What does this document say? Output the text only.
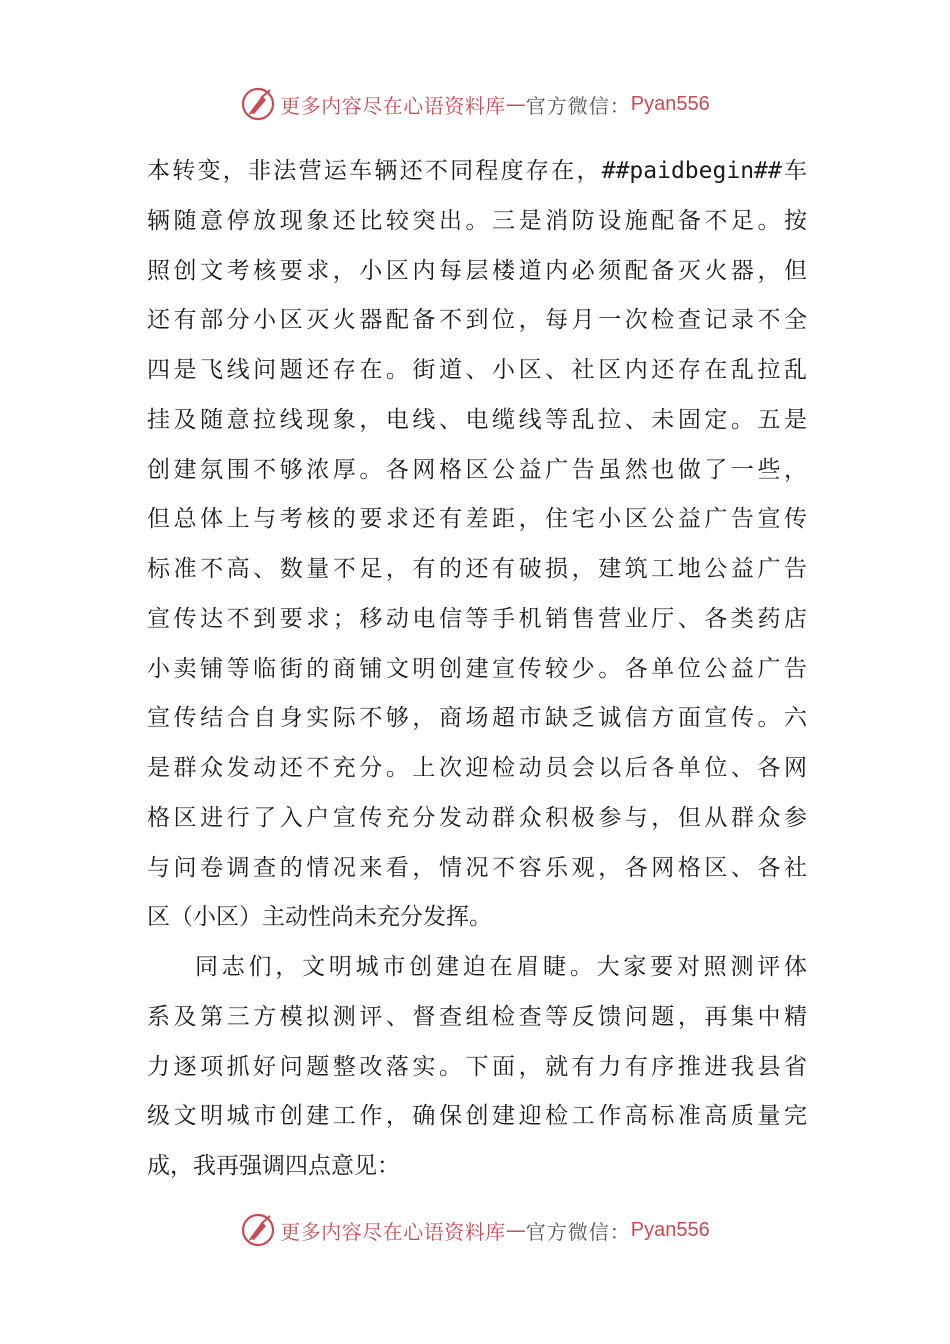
更多内容尽在心语资料库 — 官方微信： Pyan556
本转变，非法营运车辆还不同程度存在，##paidbegin##车
辆随意停放现象还比较突出。三是消防设施配备不足。按
照创文考核要求，小区内每层楼道内必须配备灭火器，但
还有部分小区灭火器配备不到位，每月一次检查记录不全
四是飞线问题还存在。街道、小区、社区内还存在乱拉乱
挂及随意拉线现象，电线、电缆线等乱拉、未固定。五是
创建氛围不够浓厚。各网格区公益广告虽然也做了一些，
但总体上与考核的要求还有差距，住宅小区公益广告宣传
标准不高、数量不足，有的还有破损，建筑工地公益广告
宣传达不到要求；移动电信等手机销售营业厅、各类药店
小卖铺等临街的商铺文明创建宣传较少。各单位公益广告
宣传结合自身实际不够，商场超市缺乏诚信方面宣传。六
是群众发动还不充分。上次迎检动员会以后各单位、各网
格区进行了入户宣传充分发动群众积极参与，但从群众参
与问卷调查的情况来看，情况不容乐观，各网格区、各社
区（小区）主动性尚未充分发挥。
同志们，文明城市创建迫在眉睫。大家要对照测评体
系及第三方模拟测评、督查组检查等反馈问题，再集中精
力逐项抓好问题整改落实。下面，就有力有序推进我县省
级文明城市创建工作，确保创建迎检工作高标准高质量完
成，我再强调四点意见：
更多内容尽在心语资料库 — 官方微信： Pyan556
